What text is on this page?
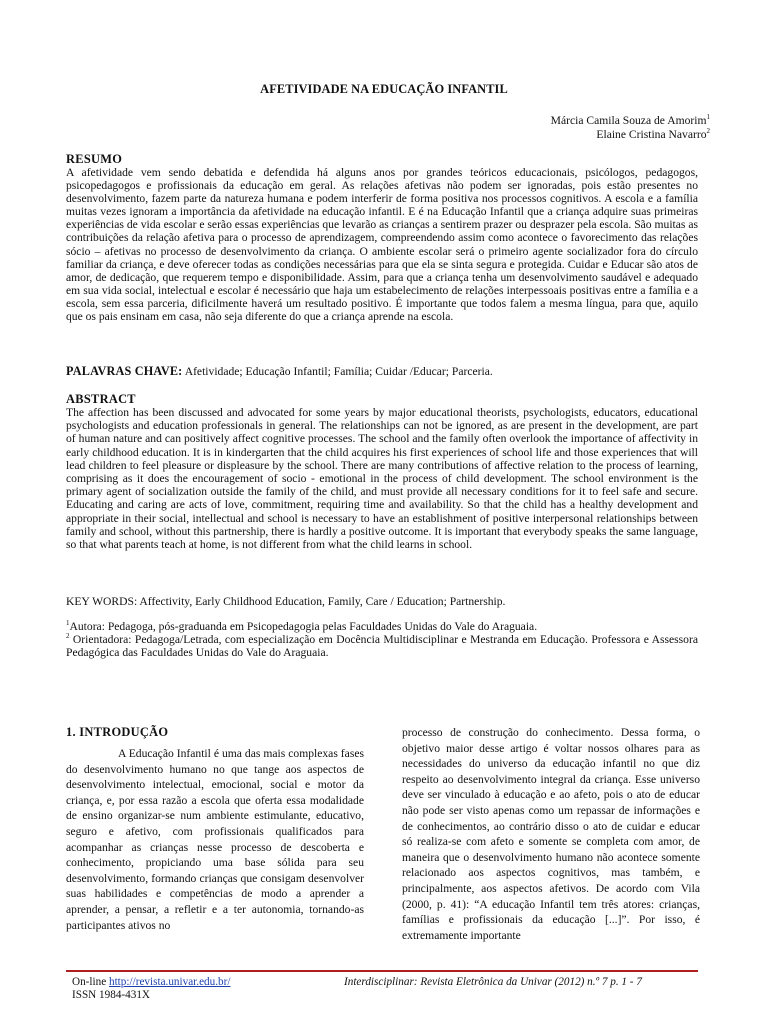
AFETIVIDADE NA EDUCAÇÃO INFANTIL
Márcia Camila Souza de Amorim$^1$
Elaine Cristina Navarro$^2$
RESUMO
A afetividade vem sendo debatida e defendida há alguns anos por grandes teóricos educacionais, psicólogos, pedagogos, psicopedagogos e profissionais da educação em geral. As relações afetivas não podem ser ignoradas, pois estão presentes no desenvolvimento, fazem parte da natureza humana e podem interferir de forma positiva nos processos cognitivos. A escola e a família muitas vezes ignoram a importância da afetividade na educação infantil. E é na Educação Infantil que a criança adquire suas primeiras experiências de vida escolar e serão essas experiências que levarão as crianças a sentirem prazer ou desprazer pela escola. São muitas as contribuições da relação afetiva para o processo de aprendizagem, compreendendo assim como acontece o favorecimento das relações sócio – afetivas no processo de desenvolvimento da criança. O ambiente escolar será o primeiro agente socializador fora do círculo familiar da criança, e deve oferecer todas as condições necessárias para que ela se sinta segura e protegida. Cuidar e Educar são atos de amor, de dedicação, que requerem tempo e disponibilidade. Assim, para que a criança tenha um desenvolvimento saudável e adequado em sua vida social, intelectual e escolar é necessário que haja um estabelecimento de relações interpessoais positivas entre a família e a escola, sem essa parceria, dificilmente haverá um resultado positivo. É importante que todos falem a mesma língua, para que, aquilo que os pais ensinam em casa, não seja diferente do que a criança aprende na escola.
PALAVRAS CHAVE: Afetividade; Educação Infantil; Família; Cuidar /Educar; Parceria.
ABSTRACT
The affection has been discussed and advocated for some years by major educational theorists, psychologists, educators, educational psychologists and education professionals in general. The relationships can not be ignored, as are present in the development, are part of human nature and can positively affect cognitive processes. The school and the family often overlook the importance of affectivity in early childhood education. It is in kindergarten that the child acquires his first experiences of school life and those experiences that will lead children to feel pleasure or displeasure by the school. There are many contributions of affective relation to the process of learning, comprising as it does the encouragement of socio - emotional in the process of child development. The school environment is the primary agent of socialization outside the family of the child, and must provide all necessary conditions for it to feel safe and secure. Educating and caring are acts of love, commitment, requiring time and availability. So that the child has a healthy development and appropriate in their social, intellectual and school is necessary to have an establishment of positive interpersonal relationships between family and school, without this partnership, there is hardly a positive outcome. It is important that everybody speaks the same language, so that what parents teach at home, is not different from what the child learns in school.
KEY WORDS: Affectivity, Early Childhood Education, Family, Care / Education; Partnership.
$^1$Autora: Pedagoga, pós-graduanda em Psicopedagogia pelas Faculdades Unidas do Vale do Araguaia.
$^2$ Orientadora: Pedagoga/Letrada, com especialização em Docência Multidisciplinar e Mestranda em Educação. Professora e Assessora Pedagógica das Faculdades Unidas do Vale do Araguaia.
1. INTRODUÇÃO
A Educação Infantil é uma das mais complexas fases do desenvolvimento humano no que tange aos aspectos de desenvolvimento intelectual, emocional, social e motor da criança, e, por essa razão a escola que oferta essa modalidade de ensino organizar-se num ambiente estimulante, educativo, seguro e afetivo, com profissionais qualificados para acompanhar as crianças nesse processo de descoberta e conhecimento, propiciando uma base sólida para seu desenvolvimento, formando crianças que consigam desenvolver suas habilidades e competências de modo a aprender a aprender, a pensar, a refletir e a ter autonomia, tornando-as participantes ativos no
processo de construção do conhecimento. Dessa forma, o objetivo maior desse artigo é voltar nossos olhares para as necessidades do universo da educação infantil no que diz respeito ao desenvolvimento integral da criança. Esse universo deve ser vinculado à educação e ao afeto, pois o ato de educar não pode ser visto apenas como um repassar de informações e de conhecimentos, ao contrário disso o ato de cuidar e educar só realiza-se com afeto e somente se completa com amor, de maneira que o desenvolvimento humano não acontece somente relacionado aos aspectos cognitivos, mas também, e principalmente, aos aspectos afetivos. De acordo com Vila (2000, p. 41): “A educação Infantil tem três atores: crianças, famílias e profissionais da educação [...]”. Por isso, é extremamente importante
On-line http://revista.univar.edu.br/
ISSN 1984-431X
Interdisciplinar: Revista Eletrônica da Univar (2012) n.º 7 p. 1 - 7
